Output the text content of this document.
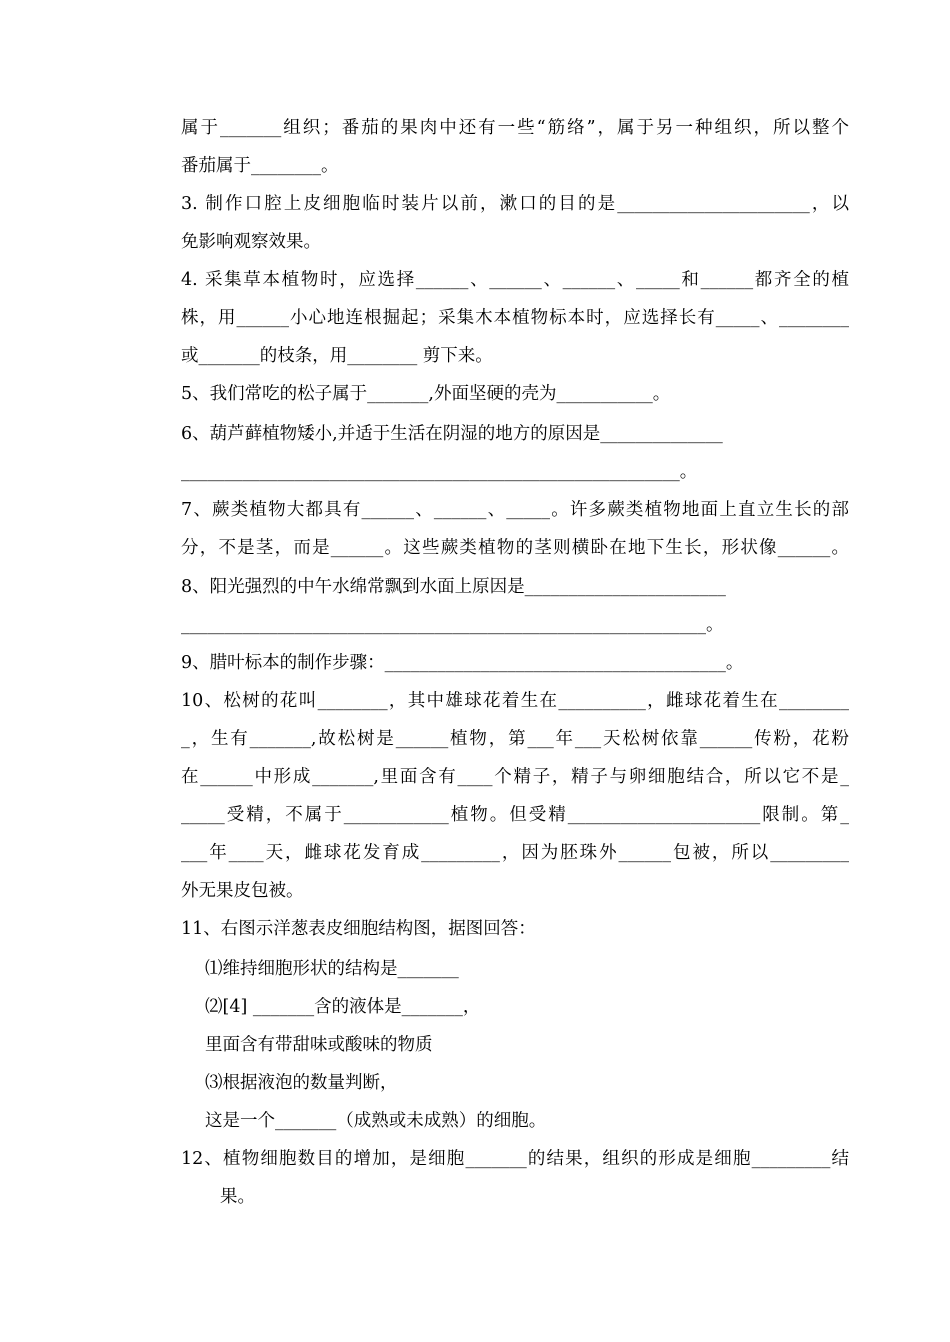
属于_______组织；番茄的果肉中还有一些“筋络”，属于另一种组织，所以整个
番茄属于________。
3. 制作口腔上皮细胞临时装片以前，漱口的目的是______________________，以
免影响观察效果。
4. 采集草本植物时，应选择______、______、______、_____和______都齐全的植
株，用______小心地连根掘起；采集木本植物标本时，应选择长有_____、________
或_______的枝条，用________ 剪下来。
5、我们常吃的松子属于_______,外面坚硬的壳为___________。
6、葫芦藓植物矮小,并适于生活在阴湿的地方的原因是______________
_________________________________________________________。
7、蕨类植物大都具有______、______、_____。许多蕨类植物地面上直立生长的部
分，不是茎，而是______。这些蕨类植物的茎则横卧在地下生长，形状像______。
8、阳光强烈的中午水绵常飘到水面上原因是_______________________
____________________________________________________________。
9、腊叶标本的制作步骤：_______________________________________。
10、松树的花叫________，其中雄球花着生在__________，雌球花着生在________
_，生有_______,故松树是______植物，第___年___天松树依靠______传粉，花粉
在______中形成_______,里面含有____个精子，精子与卵细胞结合，所以它不是_
_____受精，不属于____________植物。但受精______________________限制。第_
___年____天，雌球花发育成_________，因为胚珠外______包被，所以_________
外无果皮包被。
11、右图示洋葱表皮细胞结构图，据图回答：
⑴维持细胞形状的结构是_______
⑵[4] _______含的液体是_______，
里面含有带甜味或酸味的物质
⑶根据液泡的数量判断，
这是一个_______（成熟或未成熟）的细胞。
12、植物细胞数目的增加，是细胞_______的结果，组织的形成是细胞_________结
果。
